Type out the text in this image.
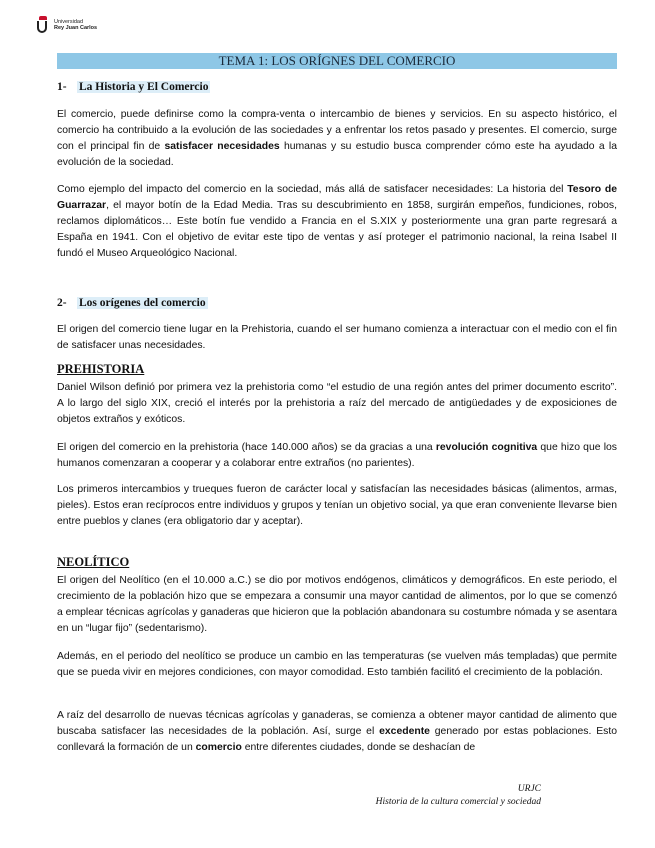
Universidad
Rey Juan Carlos
TEMA 1: LOS ORÍGNES DEL COMERCIO
1- La Historia y El Comercio

El comercio, puede definirse como la compra-venta o intercambio de bienes y servicios. En su aspecto histórico, el comercio ha contribuido a la evolución de las sociedades y a enfrentar los retos pasado y presentes. El comercio, surge con el principal fin de satisfacer necesidades humanas y su estudio busca comprender cómo este ha ayudado a la evolución de la sociedad.

Como ejemplo del impacto del comercio en la sociedad, más allá de satisfacer necesidades: La historia del Tesoro de Guarrazar, el mayor botín de la Edad Media. Tras su descubrimiento en 1858, surgirán empeños, fundiciones, robos, reclamos diplomáticos… Este botín fue vendido a Francia en el S.XIX y posteriormente una gran parte regresará a España en 1941. Con el objetivo de evitar este tipo de ventas y así proteger el patrimonio nacional, la reina Isabel II fundó el Museo Arqueológico Nacional.

2- Los orígenes del comercio

El origen del comercio tiene lugar en la Prehistoria, cuando el ser humano comienza a interactuar con el medio con el fin de satisfacer unas necesidades.

PREHISTORIA

Daniel Wilson definió por primera vez la prehistoria como “el estudio de una región antes del primer documento escrito”. A lo largo del siglo XIX, creció el interés por la prehistoria a raíz del mercado de antigüedades y de exposiciones de objetos extraños y exóticos.

El origen del comercio en la prehistoria (hace 140.000 años) se da gracias a una revolución cognitiva que hizo que los humanos comenzaran a cooperar y a colaborar entre extraños (no parientes).

Los primeros intercambios y trueques fueron de carácter local y satisfacían las necesidades básicas (alimentos, armas, pieles). Estos eran recíprocos entre individuos y grupos y tenían un objetivo social, ya que eran conveniente llevarse bien entre pueblos y clanes (era obligatorio dar y aceptar).

NEOLÍTICO

El origen del Neolítico (en el 10.000 a.C.) se dio por motivos endógenos, climáticos y demográficos. En este periodo, el crecimiento de la población hizo que se empezara a consumir una mayor cantidad de alimentos, por lo que se comenzó a emplear técnicas agrícolas y ganaderas que hicieron que la población abandonara su costumbre nómada y se asentara en un “lugar fijo” (sedentarismo).

Además, en el periodo del neolítico se produce un cambio en las temperaturas (se vuelven más templadas) que permite que se pueda vivir en mejores condiciones, con mayor comodidad. Esto también facilitó el crecimiento de la población.

A raíz del desarrollo de nuevas técnicas agrícolas y ganaderas, se comienza a obtener mayor cantidad de alimento que buscaba satisfacer las necesidades de la población. Así, surge el excedente generado por estas poblaciones. Esto conllevará la formación de un comercio entre diferentes ciudades, donde se deshacían de

URJC
Historia de la cultura comercial y sociedad
